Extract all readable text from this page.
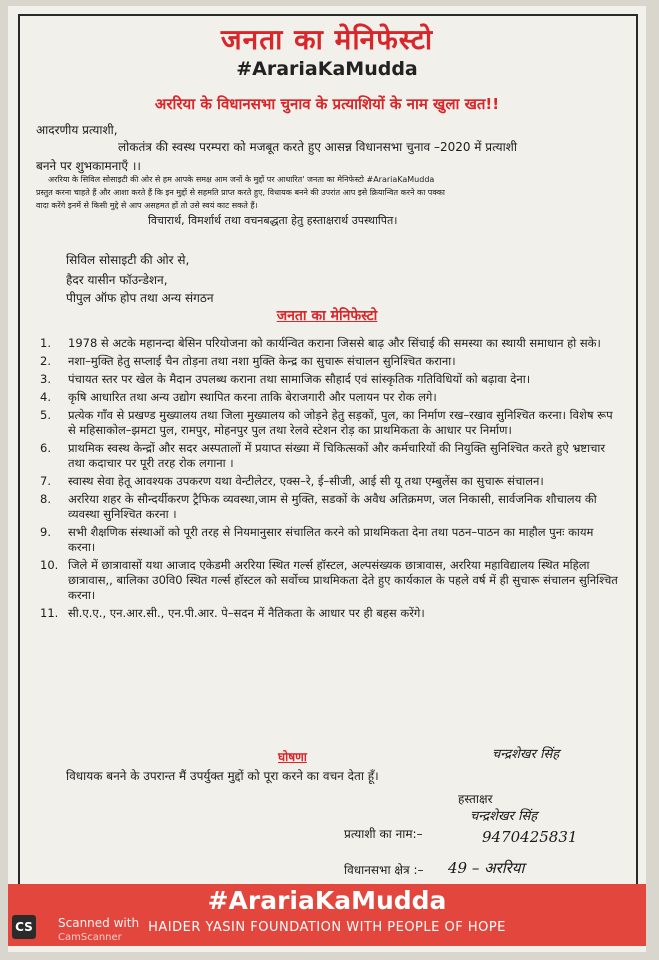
जनता का मेनिफेस्टो
#ArariaKaMudda
अररिया के विधानसभा चुनाव के प्रत्याशियों के नाम खुला खत!!
आदरणीय प्रत्याशी,
लोकतंत्र की स्वस्थ परम्परा को मजबूत करते हुए आसन्न विधानसभा चुनाव –2020 में प्रत्याशी
बनने पर शुभकामनाएँ ।।
अररिया के सिविल सोसाइटी की ओर से हम आपके समक्ष आम जनों के मुद्दों पर आधारित' जनता का मेनिफेस्टो #ArariaKaMudda
प्रस्तुत करना चाहते हैं और आशा करते हैं कि इन मुद्दों से सहमति प्राप्त करते हुए, विधायक बनने की उपरांत आप इसे क्रियान्वित करने का पक्का
वादा करेंगे इनमें से किसी मुद्दे से आप असहमत हों तो उसे स्वयं काट सकते हैं।
विचारार्थ, विमर्शार्थ तथा वचनबद्धता हेतु हस्ताक्षरार्थ उपस्थापित।
सिविल सोसाइटी की ओर से,
हैदर यासीन फॉउन्डेशन,
पीपुल ऑफ होप तथा अन्य संगठन
जनता का मेनिफेस्टो
1. 1978 से अटके महानन्दा बेसिन परियोजना को कार्यन्वित कराना जिससे बाढ़ और सिंचाई की समस्या का स्थायी समाधान हो सके।
2. नशा–मुक्ति हेतु सप्लाई चैन तोड़ना तथा नशा मुक्ति केन्द्र का सुचारू संचालन सुनिश्चित कराना।
3. पंचायत स्तर पर खेल के मैदान उपलब्ध कराना तथा सामाजिक सौहार्द एवं सांस्कृतिक गतिविधियों को बढ़ावा देना।
4. कृषि आधारित तथा अन्य उद्योग स्थापित करना ताकि बेराजगारी और पलायन पर रोक लगे।
5. प्रत्येक गाँव से प्रखण्ड मुख्यालय तथा जिला मुख्यालय को जोड़ने हेतु सड़कों, पुल, का निर्माण रख–रखाव सुनिश्चित करना। विशेष रूप से महिसाकोल–झमटा पुल, रामपुर, मोहनपुर पुल तथा रेलवे स्टेशन रोड़ का प्राथमिकता के आधार पर निर्माण।
6. प्राथमिक स्वस्थ केन्द्रों और सदर अस्पतालों में प्रयाप्त संख्या में चिकित्सकों और कर्मचारियों की नियुक्ति सुनिश्चित करते हुऐ भ्रष्टाचार तथा कदाचार पर पूरी तरह रोक लगाना ।
7. स्वास्थ सेवा हेतू आवश्यक उपकरण यथा वेन्टीलेटर, एक्स–रे, ई–सीजी, आई सी यू तथा एम्बुलेंस का सुचारू संचालन।
8. अररिया शहर के सौन्दर्यीकरण ट्रैफिक व्यवस्था,जाम से मुक्ति, सडकों के अवैध अतिक्रमण, जल निकासी, सार्वजनिक शौचालय की व्यवस्था सुनिश्चित करना ।
9. सभी शैक्षणिक संस्थाओं को पूरी तरह से नियमानुसार संचालित करने को प्राथमिकता देना तथा पठन–पाठन का माहौल पुनः कायम करना।
10. जिले में छात्रावासों यथा आजाद एकेडमी अररिया स्थित गर्ल्स हॉस्टल, अल्पसंख्यक छात्रावास, अररिया महाविद्यालय स्थित महिला छात्रावास,, बालिका उ0वि0 स्थित गर्ल्स हॉस्टल को सर्वोच्च प्राथमिकता देते हुए कार्यकाल के पहले वर्ष में ही सुचारू संचालन सुनिश्चित करना।
11. सी.ए.ए., एन.आर.सी., एन.पी.आर. पे–सदन में नैतिकता के आधार पर ही बहस करेंगे।
घोषणा
विधायक बनने के उपरान्त मैं उपर्युक्त मुद्दों को पूरा करने का वचन देता हूँ।
चन्द्रशेखर सिंह
हस्ताक्षर
चन्द्रशेखर सिंह
प्रत्याशी का नाम:–	9470425831
विधानसभा क्षेत्र :– 49 – अररिया
#ArariaKaMudda
HAIDER YASIN FOUNDATION WITH PEOPLE OF HOPE
CS Scanned with
CamScanner
